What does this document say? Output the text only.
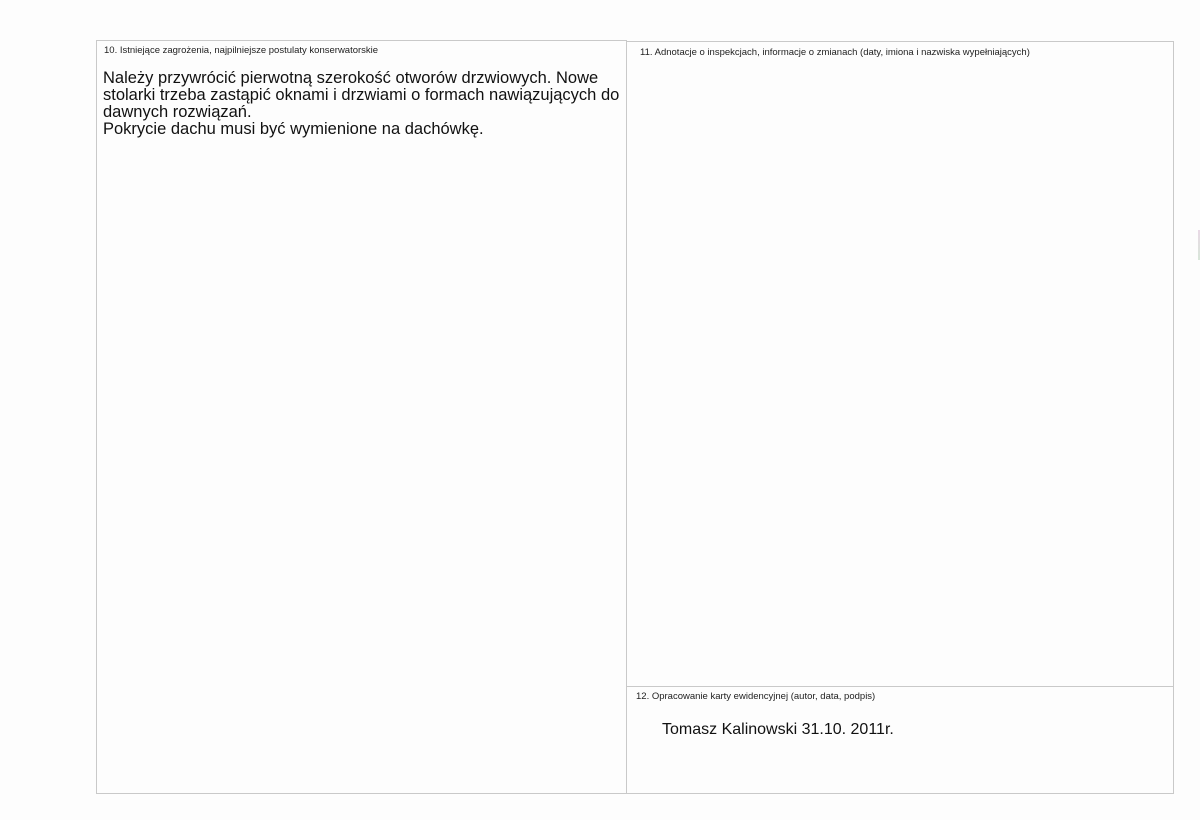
10. Istniejące zagrożenia, najpilniejsze postulaty konserwatorskie

Należy przywrócić pierwotną szerokość otworów drzwiowych. Nowe stolarki trzeba zastąpić oknami i drzwiami o formach nawiązujących do dawnych rozwiązań.

Pokrycie dachu musi być wymienione na dachówkę.

11. Adnotacje o inspekcjach, informacje o zmianach (daty, imiona i nazwiska wypełniających)
12. Opracowanie karty ewidencyjnej (autor, data, podpis)
Tomasz Kalinowski 31.10. 2011r.
